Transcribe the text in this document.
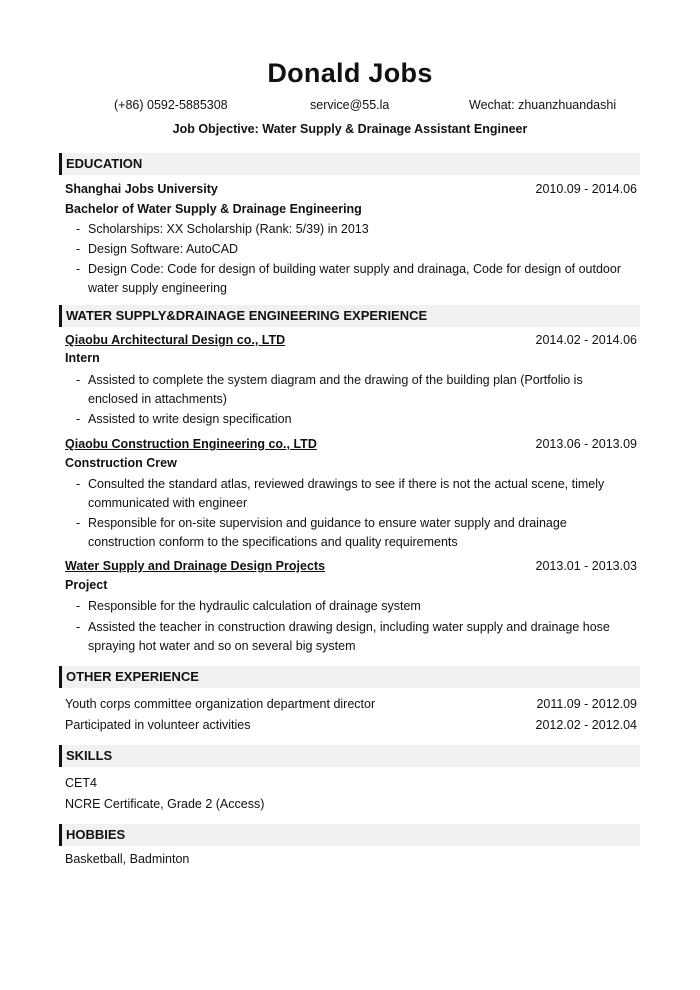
Donald Jobs
(+86) 0592-5885308	service@55.la	Wechat: zhuanzhuandashi
Job Objective: Water Supply & Drainage Assistant Engineer
EDUCATION
Shanghai Jobs University	2010.09 - 2014.06
Bachelor of Water Supply & Drainage Engineering
- Scholarships: XX Scholarship (Rank: 5/39) in 2013
- Design Software: AutoCAD
- Design Code: Code for design of building water supply and drainaga, Code for design of outdoor water supply engineering
WATER SUPPLY&DRAINAGE ENGINEERING EXPERIENCE
Qiaobu Architectural Design co., LTD	2014.02 - 2014.06
Intern
- Assisted to complete the system diagram and the drawing of the building plan (Portfolio is enclosed in attachments)
- Assisted to write design specification
Qiaobu Construction Engineering co., LTD	2013.06 - 2013.09
Construction Crew
- Consulted the standard atlas, reviewed drawings to see if there is not the actual scene, timely communicated with engineer
- Responsible for on-site supervision and guidance to ensure water supply and drainage construction conform to the specifications and quality requirements
Water Supply and Drainage Design Projects	2013.01 - 2013.03
Project
- Responsible for the hydraulic calculation of drainage system
- Assisted the teacher in construction drawing design, including water supply and drainage hose spraying hot water and so on several big system
OTHER EXPERIENCE
Youth corps committee organization department director	2011.09 - 2012.09
Participated in volunteer activities	2012.02 - 2012.04
SKILLS
CET4
NCRE Certificate, Grade 2 (Access)
HOBBIES
Basketball, Badminton
